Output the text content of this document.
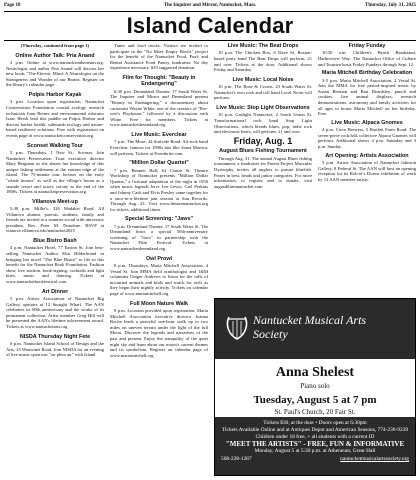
Page 18	The Inquirer and Mirror, Nantucket, Mass.	Thursday, July 31, 2025
Island Calendar
(Thursday, continued from page 1)
Online Author Talk: Pria Anand

2 p.m. Online at www.nantucketatheneum.org. Neurologist and author Pria Anand will discuss her new book, "The Electric Mind: A Neurologist on the Strangeness and Wonder of our Brains. Register on the library's calendar page.

Polpis Harbor Kayak

3 p.m. Location upon registration. Nantucket Conservation Foundation coastal ecology research technician Jonn Reiner and environmental educator Isaac Hersh lead this paddle on Polpis Harbor and discuss harbor health, saltmarsh ecology and nature-based resilience solutions. Free with registration on events page of www.nantucketconservation.org.

Sconset Walking Tour

5 p.m. Thursdays, 1 New St., Sconset. Join Nantucket Preservation Trust executive director Mary Bergman as she shares her knowledge of this unique fishing settlement at the eastern edge of the island. The 75-minute tour focuses on the early "whale houses" as well as the village's boom as a seaside resort and actors colony at the end of the 1800s. Tickets at nantucketpreservation.org.

Villanova Meet-up

5:30 p.m. Millie's, 326 Madaket Road. All Villanova alumni, parents, students, family and friends are invited to a summer social with university president, Rev. Peter M. Donohue. RSVP at vianova.villanova.edu/nantucket2025

Blue Bistro Bash

4 p.m. Nantucket Hotel, 77 Easton St. Join best-selling Nantucket Author Elin Hilderbrand in bringing her novel "The Blue Bistro" to life in this benefit for the Nantucket Book Foundation. Fashion show, live auction, book-signing, cocktails and light bites, music and dancing. Tickets at www.nantucketbookfestival.com

Art Dinner

5 p.m. Artists Association of Nantucket Big Gallery, upstairs at 12 Straight Wharf. The AAN celebrates its 80th anniversary and the works of its permanent collection. Artist member Greg Hill will be presented the AAN's lifetime achievement award. Tickets at www.nantucketarts.org

NISDA Thursday Night Fete

6 p.m. Nantucket Island School of Design and the Arts, 23 Wauwinet Road. Join NISDA for an evening of live music open mic "en plein air" with Island

Tunes and food trucks. Visitors are invited to participate in the "No More Empty Bowls" project for the benefit of the Nantucket Food, Fuel, and Rental Assistance Food Pantry fundraiser. No day experience necessary. $10 suggested donation.

Film for Thought: "Beauty in Endangering"

6:30 p.m. Dreamland Theater, 17 South Water St. The Inquirer and Mirror and Dreamland present "Beauty in Endangering," a documentary about cartoonist Wayne White, one of the creators of "Pee-wee's Playhouse," followed by a discussion with White. Free for members. Tickets at www.nantucketdreamland.org

Live Music: Everclear

7 p.m. The Muse, 44 Surfside Road. Alt-rock band Everclear, famous for 1990s hits like Santa Monica, will perform. Tickets at Eventbrite.com

"Million Dollar Quartet"

7 p.m. Bennett Hall, 62 Centre St. Theatre Workshop of Nantucket presents "Million Dollar Quartet," a fictional adaptation of the night in 1956 when music legends Jerry Lee Lewis, Carl Perkins and Johnny Cash and Elvis Presley came together for a once-in-a-lifetime jam session at Sun Records. Through Aug. 23. Visit www.theatrenantucket.org for tickets, additional times.

Special Screening: "Jaws"

7 p.m. Dreamland Theater, 17 South Water St. The Dreamland hosts a special 50th-anniversary screening of "Jaws" in partnership with the Nantucket Film Festival. Tickets at www.nantucketdreamland.org

Owl Prowl

8 p.m. Thursdays, Maria Mitchell Association, 4 Vestal St. Join MMA field ornithologist and 1&M columnist Ginger Andrews to listen for the calls of nocturnal animals and birds and watch for owls as they begin their nightly activity. Tickets on calendar page of www.mariamitchell.org

Full Moon Nature Walk

9 p.m. Location provided upon registration. Maria Mitchell Association executive director Joanna Roche leads a peaceful one-hour walk up to two miles on uneven terrain under the light of the full Moon. Discover the legends and narratives of the past and present. Enjoy the tranquility of the quiet night sky and learn about our moon's current themes and its symbolism. Register on calendar page of www.mariamitchell.org

Live Music: The Beat Drops

10 p.m. The Chicken Box, 6 Dave St. Boston-based party band The Beat Drops will perform. 21 and over. Tickets at the door. Additional shows Friday and Saturday.

Live Music: Local Noise

10 p.m. The Rose & Crown, 23 South Water St. Nantucket's own rock and roll band Local Noise will perform.

Live Music: Stop Light Observations

10 p.m. Gaslight Nantucket, 2 South Union St. Transformational rock band Stop Light Observations, which blends blues, pop, indie rock and electronic beats, will perform. 21 and over.

Friday, Aug. 1
August Blues Fishing Tournament

Through Aug. 31. The annual August Blues fishing tournament, a fundraiser for Parent Project Muscular Dystrophy, invites all anglers to pursue bluefish. Prizes in best, heads and junior categories. For more information, to register and to donate, visit augustbluesnantucket.com

Friday Funday

10:30 a.m. Children's Beach Bandstand, Harborview Way. The Nantucket Office of Culture and Tourism hosts Friday Fundays through Sept. 12.

Maria Mitchell Birthday Celebration

3-5 p.m. Maria Mitchell Association, 2 Vestal St. Join the MMA for free period-inspired music by Susan Berman and Bart Beardsley, punch and cookies, live animal displays, research demonstrations, astronomy and family activities for all ages to honor Maria Mitchell on her birthday. Free.

Live Music: Alpaca Gnomes

4 p.m. Cisco Brewers, 5 Bartlett Farm Road. The seven-piece rock/folk collective Alpaca Gnomes will perform. Additional shows 4 p.m. Saturday and 3 p.m. Sunday.

Art Opening: Artists Association

5 p.m. Artists Association of Nantucket Johnson Gallery, 8 Federal St. The AAN will host an opening reception for its Rob-er's Dozen exhibition of work by 13 AAN member-artists.

Nantucket Musical Arts Society
Anna Shelest
Piano solo
Tuesday, August 5 at 7 pm
St. Paul's Church, 20 Fair St.
Tickets $30, at the door • Doors open at 6:30pm
Tickets Available Online and at Antiques Depot and American Seasons, 774-236-9239
Children under 18 free, + all students with a current ID
"MEET THE ARTISTS" - FREE, FUN & INFORMATIVE
Monday, August 5 at 5:30 p.m. at Atheneum, Great Hall
508-228-1287	nantucketmusicalartssociety.org
